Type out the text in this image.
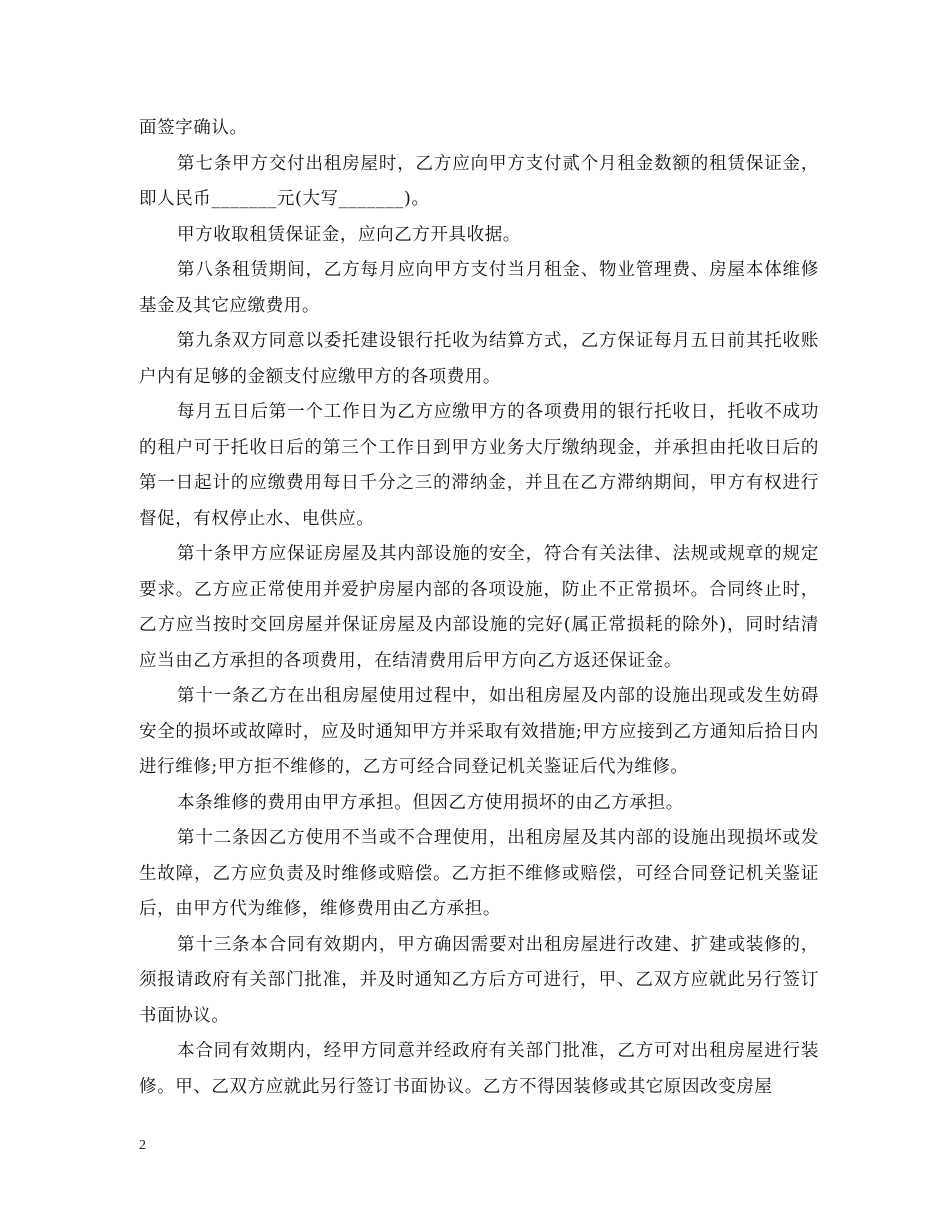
面签字确认。

第七条甲方交付出租房屋时，乙方应向甲方支付贰个月租金数额的租赁保证金，即人民币_______元(大写_______)。

甲方收取租赁保证金，应向乙方开具收据。

第八条租赁期间，乙方每月应向甲方支付当月租金、物业管理费、房屋本体维修基金及其它应缴费用。

第九条双方同意以委托建设银行托收为结算方式，乙方保证每月五日前其托收账户内有足够的金额支付应缴甲方的各项费用。

每月五日后第一个工作日为乙方应缴甲方的各项费用的银行托收日，托收不成功的租户可于托收日后的第三个工作日到甲方业务大厅缴纳现金，并承担由托收日后的第一日起计的应缴费用每日千分之三的滞纳金，并且在乙方滞纳期间，甲方有权进行督促，有权停止水、电供应。

第十条甲方应保证房屋及其内部设施的安全，符合有关法律、法规或规章的规定要求。乙方应正常使用并爱护房屋内部的各项设施，防止不正常损坏。合同终止时，乙方应当按时交回房屋并保证房屋及内部设施的完好(属正常损耗的除外)，同时结清应当由乙方承担的各项费用，在结清费用后甲方向乙方返还保证金。

第十一条乙方在出租房屋使用过程中，如出租房屋及内部的设施出现或发生妨碍安全的损坏或故障时，应及时通知甲方并采取有效措施;甲方应接到乙方通知后拾日内进行维修;甲方拒不维修的，乙方可经合同登记机关鉴证后代为维修。

本条维修的费用由甲方承担。但因乙方使用损坏的由乙方承担。

第十二条因乙方使用不当或不合理使用，出租房屋及其内部的设施出现损坏或发生故障，乙方应负责及时维修或赔偿。乙方拒不维修或赔偿，可经合同登记机关鉴证后，由甲方代为维修，维修费用由乙方承担。

第十三条本合同有效期内，甲方确因需要对出租房屋进行改建、扩建或装修的，须报请政府有关部门批准，并及时通知乙方后方可进行，甲、乙双方应就此另行签订书面协议。

本合同有效期内，经甲方同意并经政府有关部门批准，乙方可对出租房屋进行装修。甲、乙双方应就此另行签订书面协议。乙方不得因装修或其它原因改变房屋

2
